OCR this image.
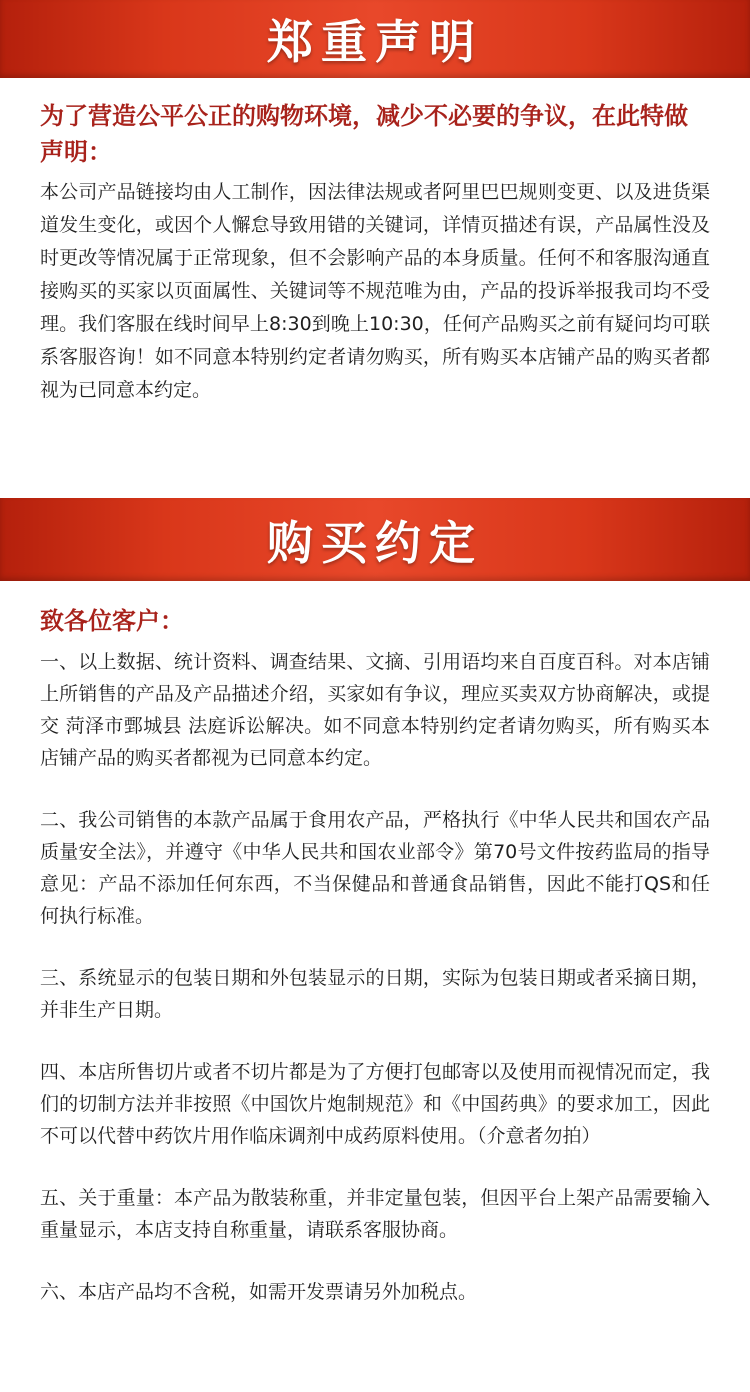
郑重声明

为了营造公平公正的购物环境，减少不必要的争议，在此特做声明：

本公司产品链接均由人工制作，因法律法规或者阿里巴巴规则变更、以及进货渠道发生变化，或因个人懈怠导致用错的关键词，详情页描述有误，产品属性没及时更改等情况属于正常现象，但不会影响产品的本身质量。任何不和客服沟通直接购买的买家以页面属性、关键词等不规范唯为由，产品的投诉举报我司均不受理。我们客服在线时间早上8:30到晚上10:30，任何产品购买之前有疑问均可联系客服咨询！如不同意本特别约定者请勿购买，所有购买本店铺产品的购买者都视为已同意本约定。

购买约定

致各位客户：

一、以上数据、统计资料、调查结果、文摘、引用语均来自百度百科。对本店铺上所销售的产品及产品描述介绍，买家如有争议，理应买卖双方协商解决，或提交 菏泽市鄄城县 法庭诉讼解决。如不同意本特别约定者请勿购买，所有购买本店铺产品的购买者都视为已同意本约定。

二、我公司销售的本款产品属于食用农产品，严格执行《中华人民共和国农产品质量安全法》，并遵守《中华人民共和国农业部令》第70号文件按药监局的指导意见：产品不添加任何东西，不当保健品和普通食品销售，因此不能打QS和任何执行标准。

三、系统显示的包装日期和外包装显示的日期，实际为包装日期或者采摘日期，并非生产日期。

四、本店所售切片或者不切片都是为了方便打包邮寄以及使用而视情况而定，我们的切制方法并非按照《中国饮片炮制规范》和《中国药典》的要求加工，因此不可以代替中药饮片用作临床调剂中成药原料使用。（介意者勿拍）

五、关于重量：本产品为散装称重，并非定量包装，但因平台上架产品需要输入重量显示，本店支持自称重量，请联系客服协商。

六、本店产品均不含税，如需开发票请另外加税点。
